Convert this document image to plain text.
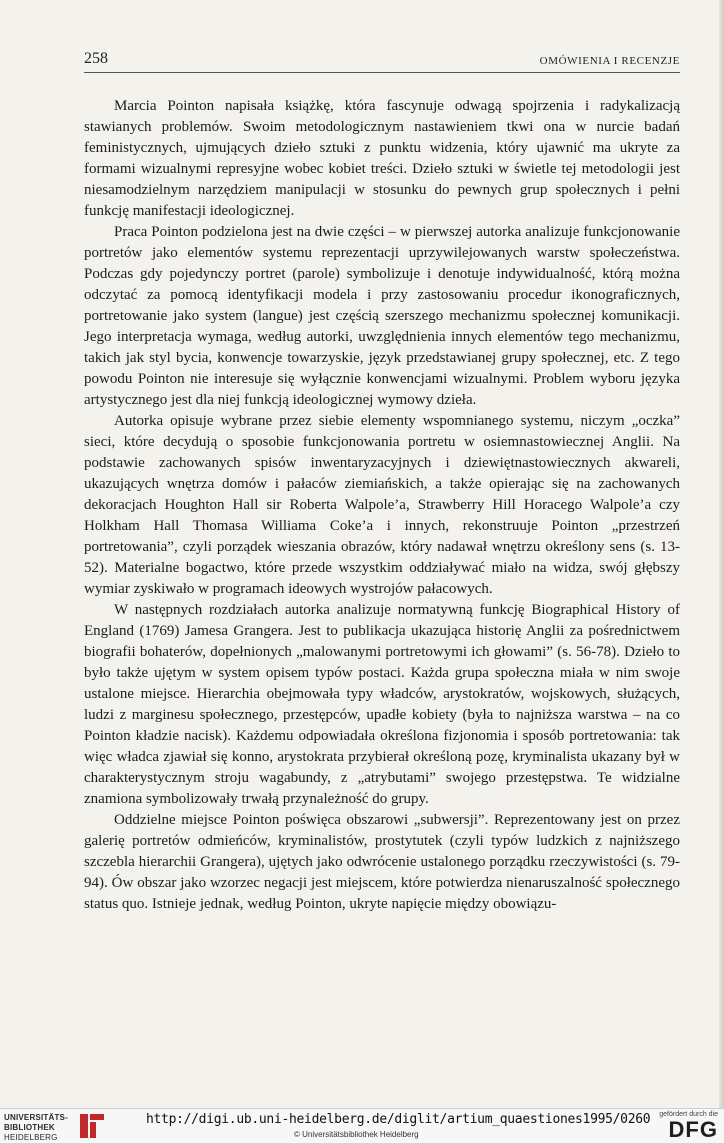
258	OMÓWIENIA I RECENZJE

Marcia Pointon napisała książkę, która fascynuje odwagą spojrzenia i radykalizacją stawianych problemów. Swoim metodologicznym nastawieniem tkwi ona w nurcie badań feministycznych, ujmujących dzieło sztuki z punktu widzenia, który ujawnić ma ukryte za formami wizualnymi represyjne wobec kobiet treści. Dzieło sztuki w świetle tej metodologii jest niesamodzielnym narzędziem manipulacji w stosunku do pewnych grup społecznych i pełni funkcję manifestacji ideologicznej.

Praca Pointon podzielona jest na dwie części – w pierwszej autorka analizuje funkcjonowanie portretów jako elementów systemu reprezentacji uprzywilejowanych warstw społeczeństwa. Podczas gdy pojedynczy portret (parole) symbolizuje i denotuje indywidualność, którą można odczytać za pomocą identyfikacji modela i przy zastosowaniu procedur ikonograficznych, portretowanie jako system (langue) jest częścią szerszego mechanizmu społecznej komunikacji. Jego interpretacja wymaga, według autorki, uwzględnienia innych elementów tego mechanizmu, takich jak styl bycia, konwencje towarzyskie, język przedstawianej grupy społecznej, etc. Z tego powodu Pointon nie interesuje się wyłącznie konwencjami wizualnymi. Problem wyboru języka artystycznego jest dla niej funkcją ideologicznej wymowy dzieła.

Autorka opisuje wybrane przez siebie elementy wspomnianego systemu, niczym „oczka” sieci, które decydują o sposobie funkcjonowania portretu w osiemnastowiecznej Anglii. Na podstawie zachowanych spisów inwentaryzacyjnych i dziewiętnastowiecznych akwareli, ukazujących wnętrza domów i pałaców ziemiańskich, a także opierając się na zachowanych dekoracjach Houghton Hall sir Roberta Walpole’a, Strawberry Hill Horacego Walpole’a czy Holkham Hall Thomasa Williama Coke’a i innych, rekonstruuje Pointon „przestrzeń portretowania”, czyli porządek wieszania obrazów, który nadawał wnętrzu określony sens (s. 13-52). Materialne bogactwo, które przede wszystkim oddziaływać miało na widza, swój głębszy wymiar zyskiwało w programach ideowych wystrojów pałacowych.

W następnych rozdziałach autorka analizuje normatywną funkcję Biographical History of England (1769) Jamesa Grangera. Jest to publikacja ukazująca historię Anglii za pośrednictwem biografii bohaterów, dopełnionych „malowanymi portretowymi ich głowami” (s. 56-78). Dzieło to było także ujętym w system opisem typów postaci. Każda grupa społeczna miała w nim swoje ustalone miejsce. Hierarchia obejmowała typy władców, arystokratów, wojskowych, służących, ludzi z marginesu społecznego, przestępców, upadłe kobiety (była to najniższa warstwa – na co Pointon kładzie nacisk). Każdemu odpowiadała określona fizjonomia i sposób portretowania: tak więc władca zjawiał się konno, arystokrata przybierał określoną pozę, kryminalista ukazany był w charakterystycznym stroju wagabundy, z „atrybutami” swojego przestępstwa. Te widzialne znamiona symbolizowały trwałą przynależność do grupy.

Oddzielne miejsce Pointon poświęca obszarowi „subwersji”. Reprezentowany jest on przez galerię portretów odmieńców, kryminalistów, prostytutek (czyli typów ludzkich z najniższego szczebla hierarchii Grangera), ujętych jako odwrócenie ustalonego porządku rzeczywistości (s. 79-94). Ów obszar jako wzorzec negacji jest miejscem, które potwierdza nienaruszalność społecznego status quo. Istnieje jednak, według Pointon, ukryte napięcie między obowiązu-

UNIVERSITÄTS-
BIBLIOTHEK
HEIDELBERG
http://digi.ub.uni-heidelberg.de/diglit/artium_quaestiones1995/0260
© Universitätsbibliothek Heidelberg
gefördert durch die
DFG
